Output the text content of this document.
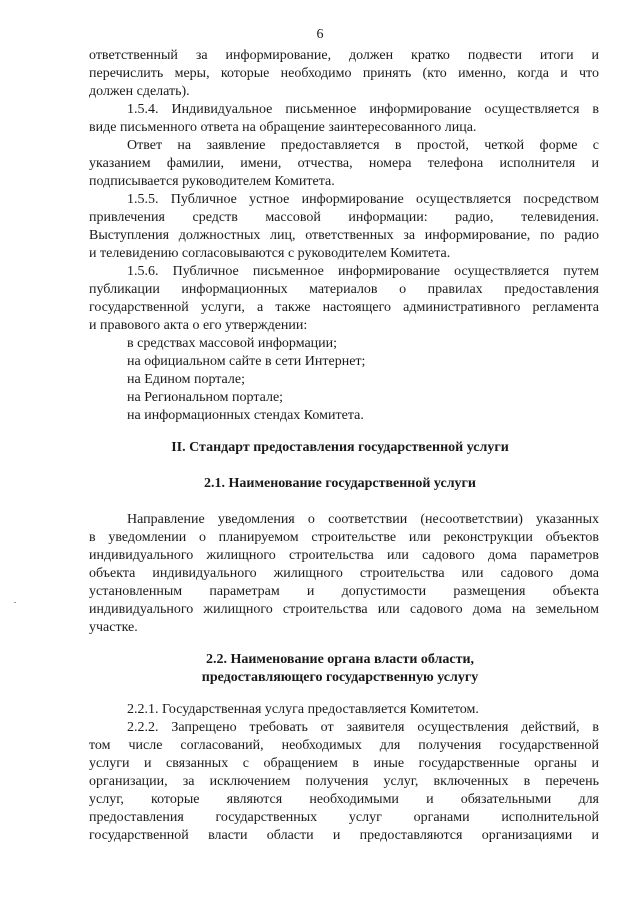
6
ответственный за информирование, должен кратко подвести итоги и
перечислить меры, которые необходимо принять (кто именно, когда и что
должен сделать).
1.5.4. Индивидуальное письменное информирование осуществляется в
виде письменного ответа на обращение заинтересованного лица.
Ответ на заявление предоставляется в простой, четкой форме с
указанием фамилии, имени, отчества, номера телефона исполнителя и
подписывается руководителем Комитета.
1.5.5. Публичное устное информирование осуществляется посредством
привлечения средств массовой информации: радио, телевидения.
Выступления должностных лиц, ответственных за информирование, по радио
и телевидению согласовываются с руководителем Комитета.
1.5.6. Публичное письменное информирование осуществляется путем
публикации информационных материалов о правилах предоставления
государственной услуги, а также настоящего административного регламента
и правового акта о его утверждении:
в средствах массовой информации;
на официальном сайте в сети Интернет;
на Едином портале;
на Региональном портале;
на информационных стендах Комитета.
II. Стандарт предоставления государственной услуги
2.1. Наименование государственной услуги
Направление уведомления о соответствии (несоответствии) указанных
в уведомлении о планируемом строительстве или реконструкции объектов
индивидуального жилищного строительства или садового дома параметров
объекта индивидуального жилищного строительства или садового дома
установленным параметрам и допустимости размещения объекта
индивидуального жилищного строительства или садового дома на земельном
участке.
2.2. Наименование органа власти области,
предоставляющего государственную услугу
2.2.1. Государственная услуга предоставляется Комитетом.
2.2.2. Запрещено требовать от заявителя осуществления действий, в
том числе согласований, необходимых для получения государственной
услуги и связанных с обращением в иные государственные органы и
организации, за исключением получения услуг, включенных в перечень
услуг, которые являются необходимыми и обязательными для
предоставления государственных услуг органами исполнительной
государственной власти области и предоставляются организациями и
